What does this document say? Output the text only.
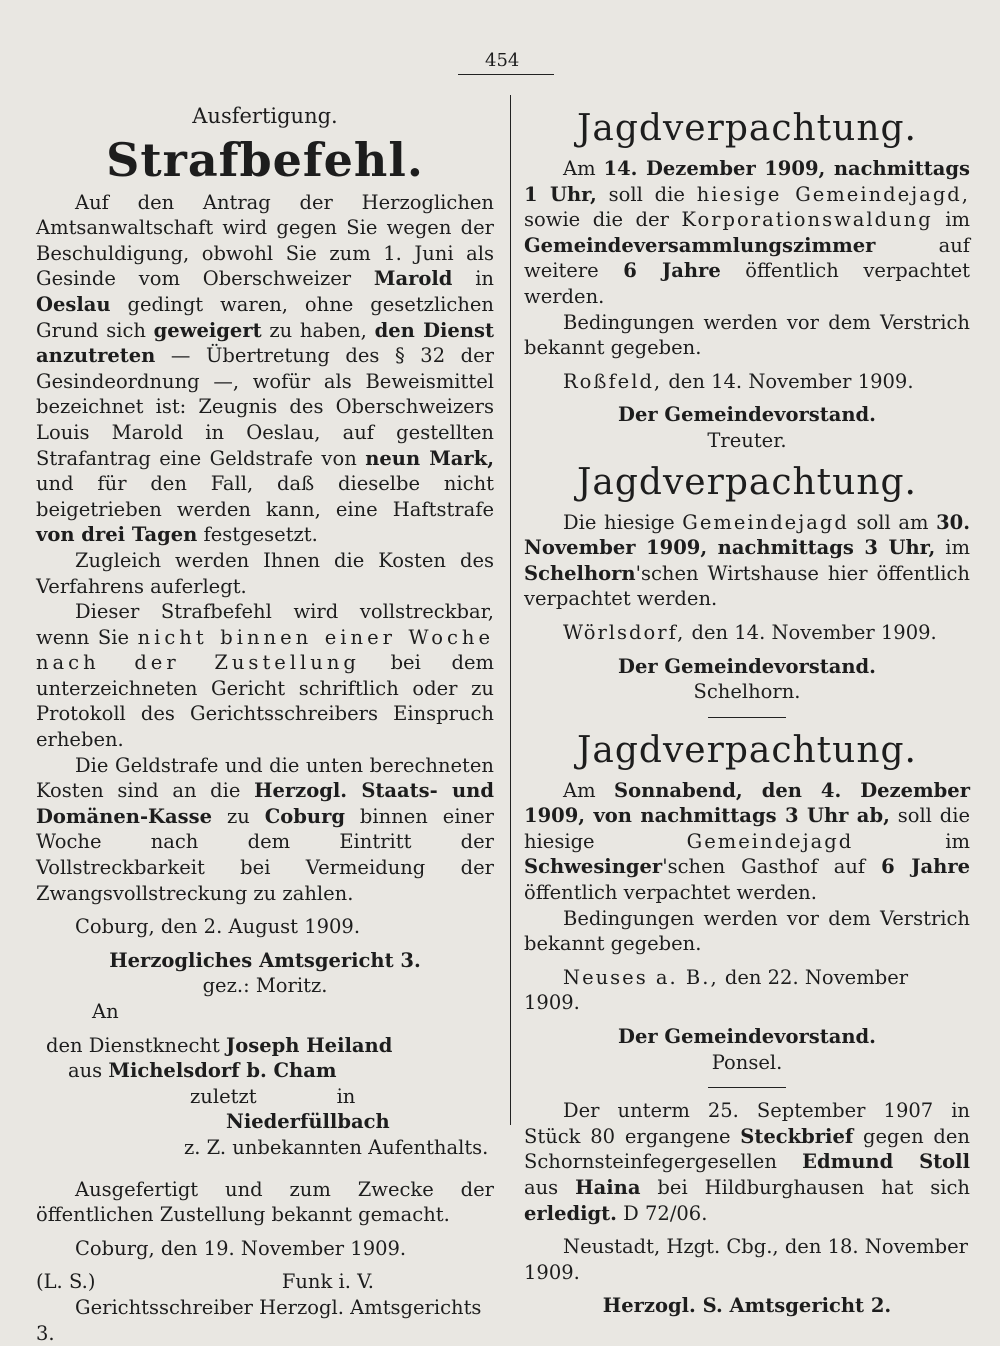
454
Ausfertigung.
Strafbefehl.
Auf den Antrag der Herzoglichen Amtsanwaltschaft wird gegen Sie wegen der Beschuldigung, obwohl Sie zum 1. Juni als Gesinde vom Oberschweizer Marold in Oeslau gedingt waren, ohne gesetzlichen Grund sich geweigert zu haben, den Dienst anzutreten — Übertretung des § 32 der Gesindeordnung —, wofür als Beweismittel bezeichnet ist: Zeugnis des Oberschweizers Louis Marold in Oeslau, auf gestellten Strafantrag eine Geldstrafe von neun Mark, und für den Fall, daß dieselbe nicht beigetrieben werden kann, eine Haftstrafe von drei Tagen festgesetzt.
Zugleich werden Ihnen die Kosten des Verfahrens auferlegt.
Dieser Strafbefehl wird vollstreckbar, wenn Sie nicht binnen einer Woche nach der Zustellung bei dem unterzeichneten Gericht schriftlich oder zu Protokoll des Gerichtsschreibers Einspruch erheben.
Die Geldstrafe und die unten berechneten Kosten sind an die Herzogl. Staats- und Domänen-Kasse zu Coburg binnen einer Woche nach dem Eintritt der Vollstreckbarkeit bei Vermeidung der Zwangsvollstreckung zu zahlen.
Coburg, den 2. August 1909.
Herzogliches Amtsgericht 3.
gez.: Moritz.
An
den Dienstknecht Joseph Heiland
aus Michelsdorf b. Cham
zuletzt	in
Niederfüllbach
z. Z. unbekannten Aufenthalts.
Ausgefertigt und zum Zwecke der öffentlichen Zustellung bekannt gemacht.
Coburg, den 19. November 1909.
(L. S.)	Funk i. V.
Gerichtsschreiber Herzogl. Amtsgerichts 3.
Jagdverpachtung.
Am 14. Dezember 1909, nachmittags 1 Uhr, soll die hiesige Gemeindejagd, sowie die der Korporationswaldung im Gemeindeversammlungszimmer auf weitere 6 Jahre öffentlich verpachtet werden.
Bedingungen werden vor dem Verstrich bekannt gegeben.
Roßfeld, den 14. November 1909.
Der Gemeindevorstand.
Treuter.
Jagdverpachtung.
Die hiesige Gemeindejagd soll am 30. November 1909, nachmittags 3 Uhr, im Schelhorn'schen Wirtshause hier öffentlich verpachtet werden.
Wörlsdorf, den 14. November 1909.
Der Gemeindevorstand.
Schelhorn.
Jagdverpachtung.
Am Sonnabend, den 4. Dezember 1909, von nachmittags 3 Uhr ab, soll die hiesige Gemeindejagd im Schwesinger'schen Gasthof auf 6 Jahre öffentlich verpachtet werden.
Bedingungen werden vor dem Verstrich bekannt gegeben.
Neuses a. B., den 22. November 1909.
Der Gemeindevorstand.
Ponsel.
Der unterm 25. September 1907 in Stück 80 ergangene Steckbrief gegen den Schornsteinfegergesellen Edmund Stoll aus Haina bei Hildburghausen hat sich erledigt. D 72/06.
Neustadt, Hzgt. Cbg., den 18. November 1909.
Herzogl. S. Amtsgericht 2.
